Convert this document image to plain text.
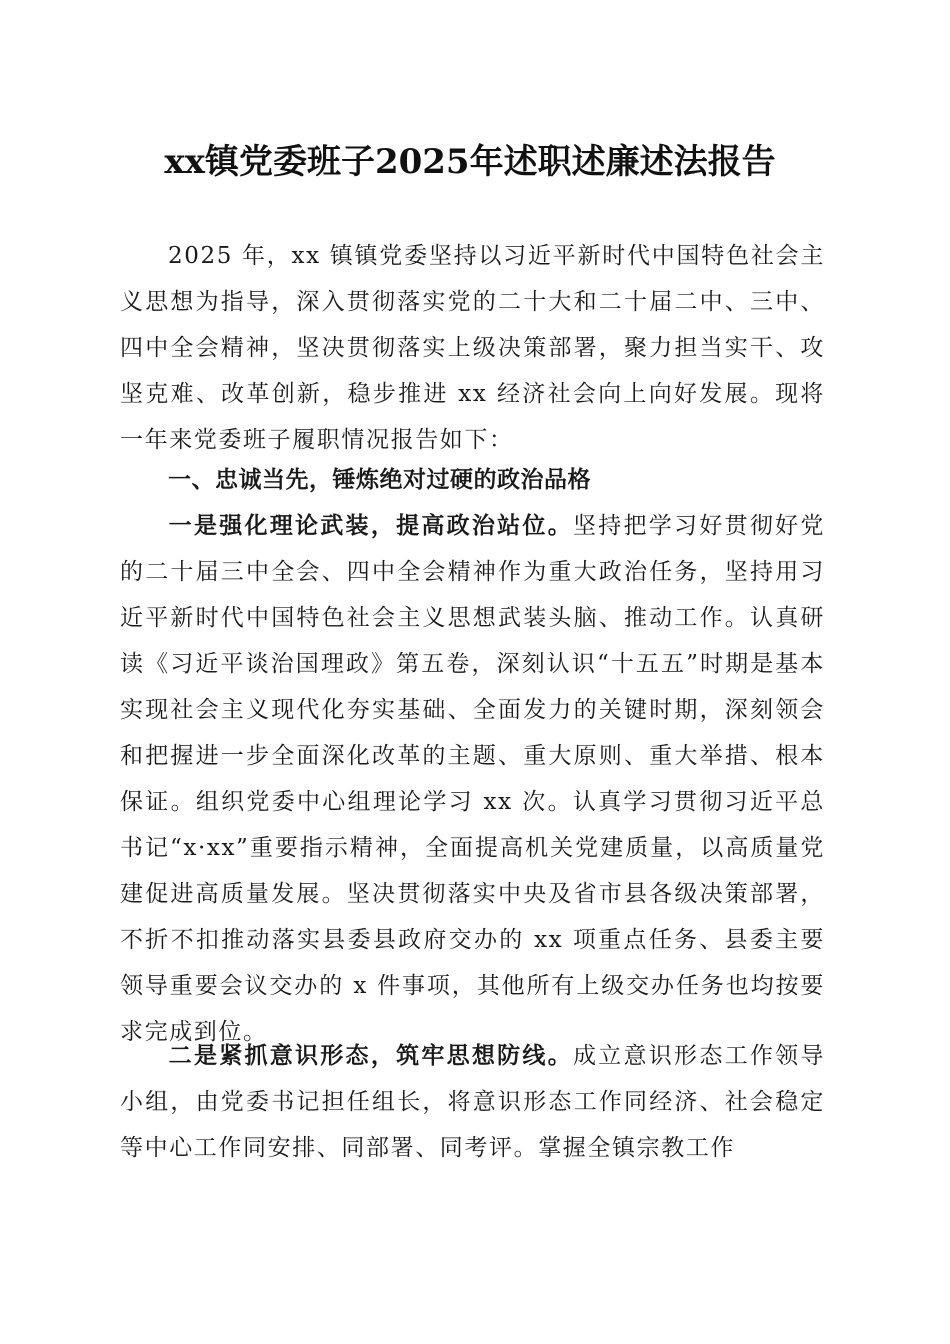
xx镇党委班子2025年述职述廉述法报告

2025 年，xx 镇镇党委坚持以习近平新时代中国特色社会主义思想为指导，深入贯彻落实党的二十大和二十届二中、三中、四中全会精神，坚决贯彻落实上级决策部署，聚力担当实干、攻坚克难、改革创新，稳步推进 xx 经济社会向上向好发展。现将一年来党委班子履职情况报告如下：

一、忠诚当先，锤炼绝对过硬的政治品格

一是强化理论武装，提高政治站位。坚持把学习好贯彻好党的二十届三中全会、四中全会精神作为重大政治任务，坚持用习近平新时代中国特色社会主义思想武装头脑、推动工作。认真研读《习近平谈治国理政》第五卷，深刻认识“十五五”时期是基本实现社会主义现代化夯实基础、全面发力的关键时期，深刻领会和把握进一步全面深化改革的主题、重大原则、重大举措、根本保证。组织党委中心组理论学习 xx 次。认真学习贯彻习近平总书记“x·xx”重要指示精神，全面提高机关党建质量，以高质量党建促进高质量发展。坚决贯彻落实中央及省市县各级决策部署，不折不扣推动落实县委县政府交办的 xx 项重点任务、县委主要领导重要会议交办的 x 件事项，其他所有上级交办任务也均按要求完成到位。

二是紧抓意识形态，筑牢思想防线。成立意识形态工作领导小组，由党委书记担任组长，将意识形态工作同经济、社会稳定等中心工作同安排、同部署、同考评。掌握全镇宗教工作
